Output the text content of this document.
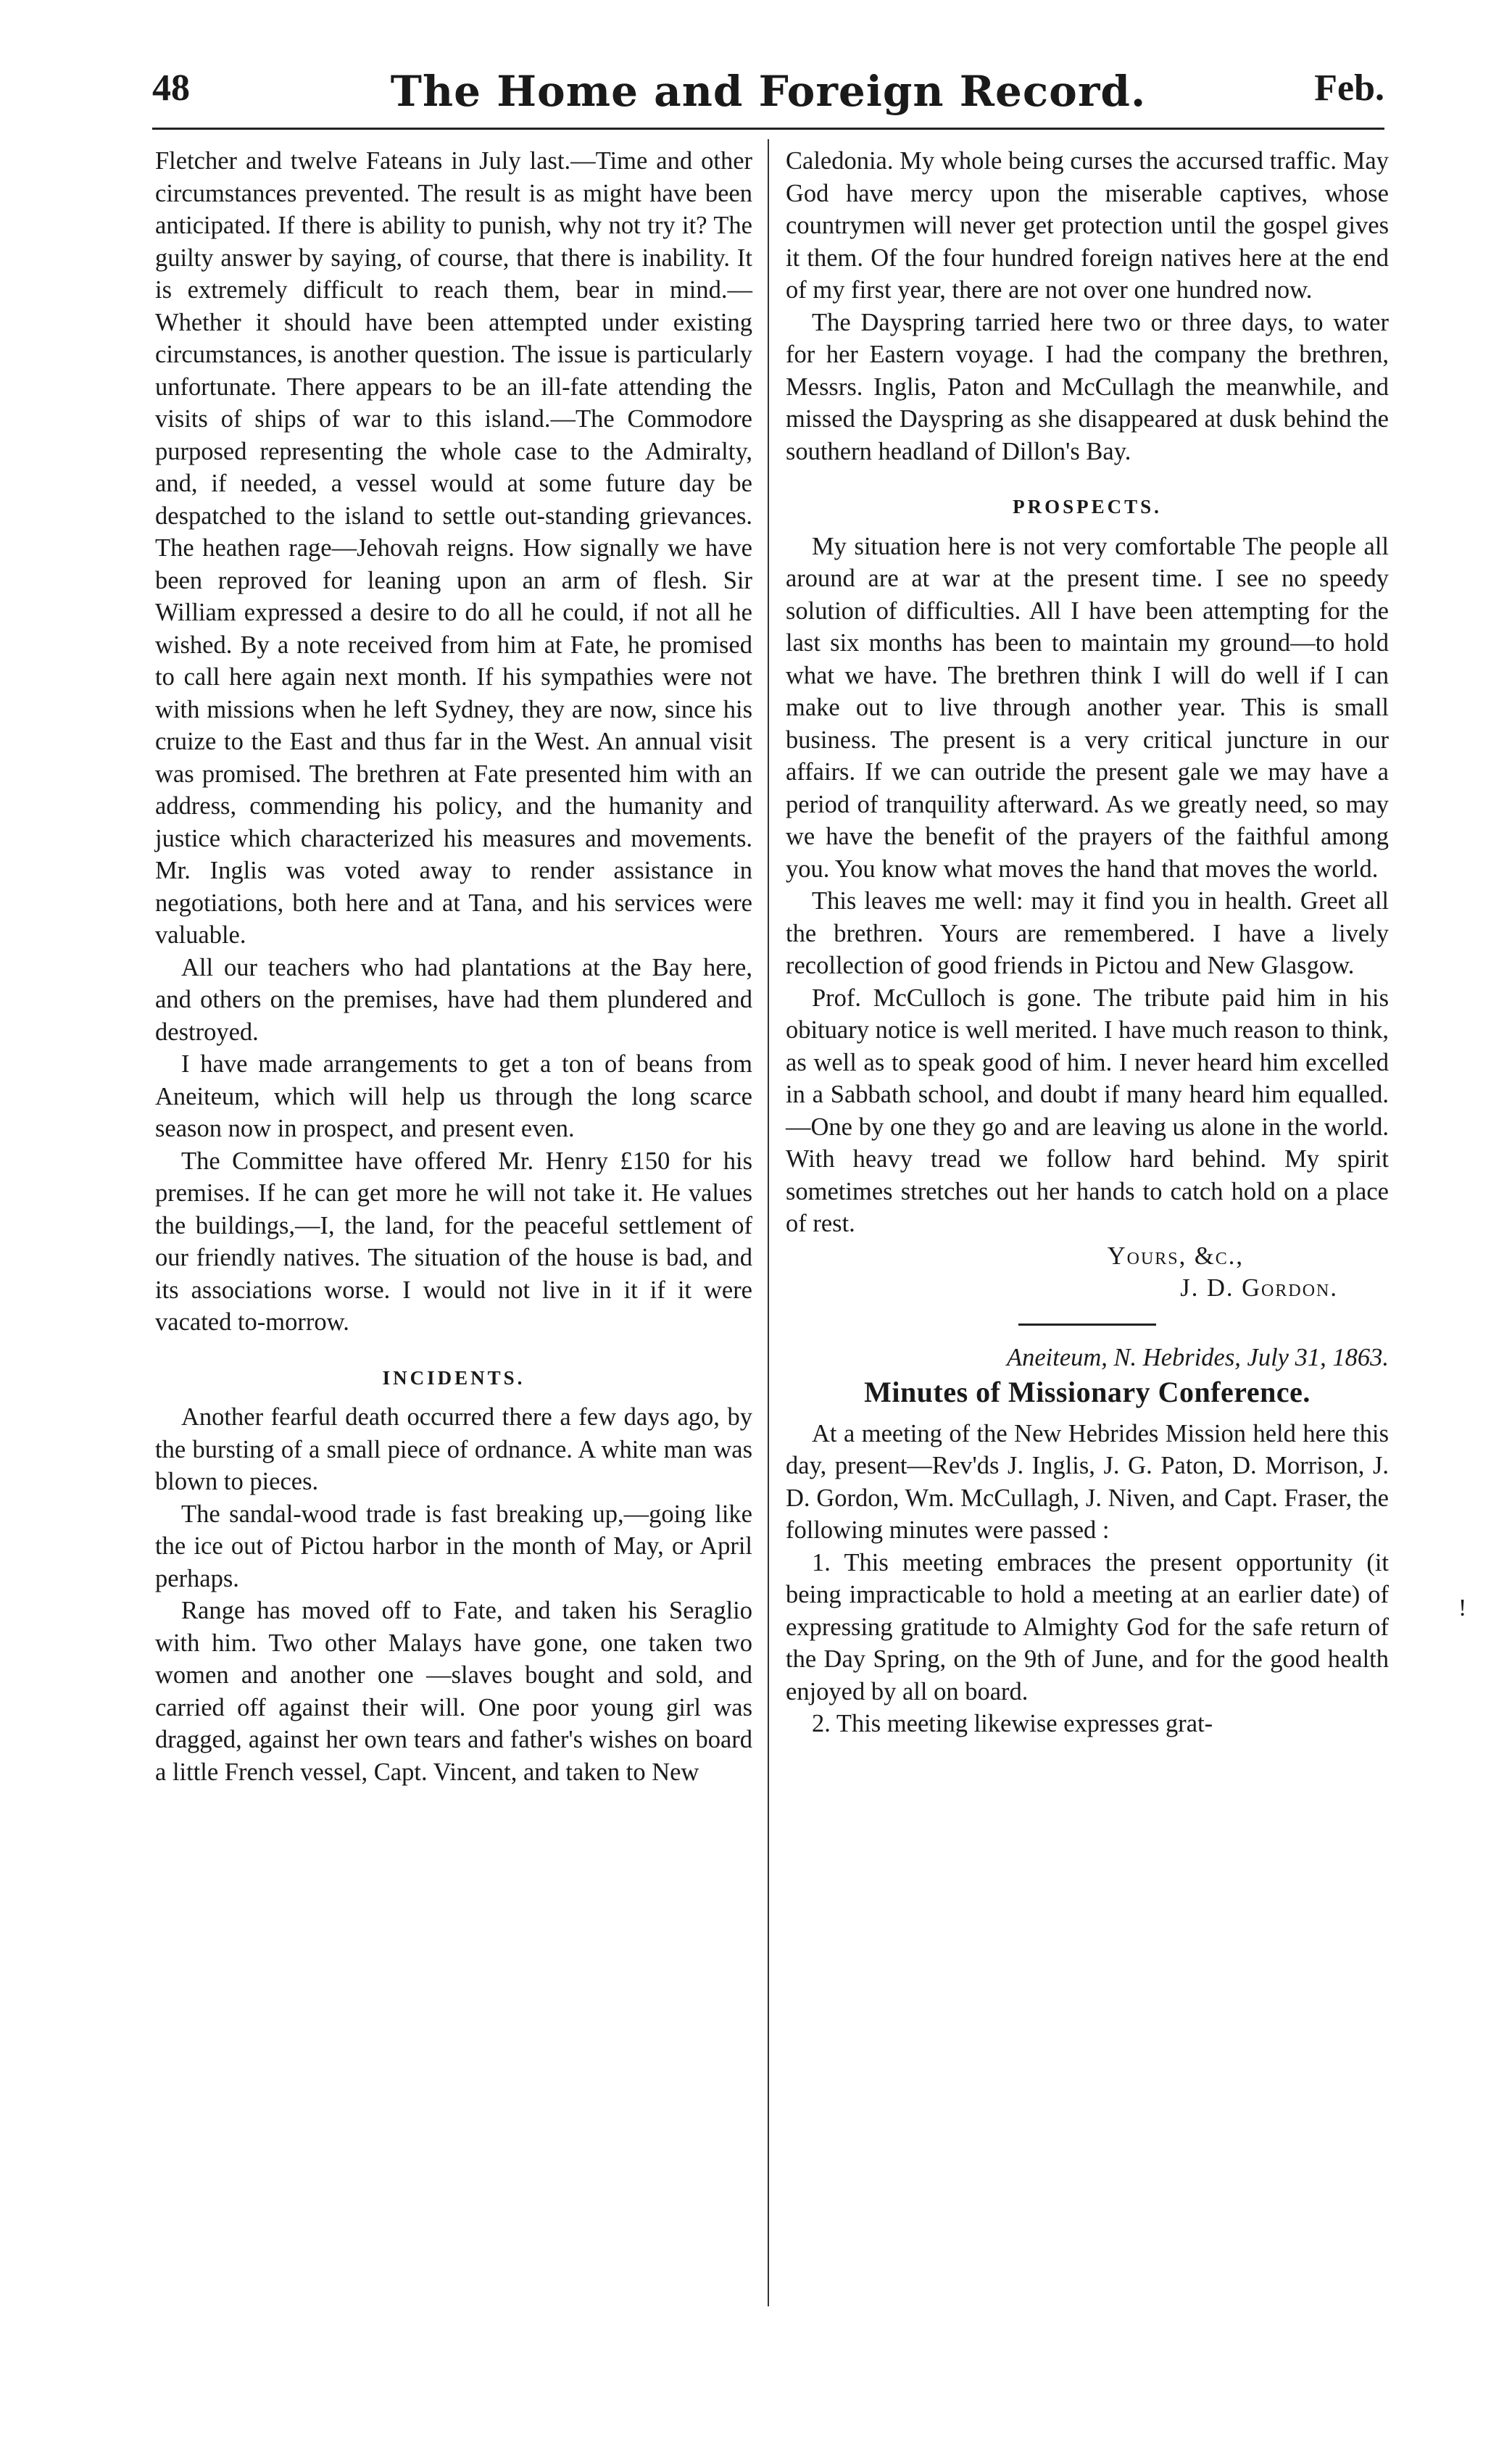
48	The Home and Foreign Record.	Feb.

Fletcher and twelve Fateans in July last.—Time and other circumstances prevented. The result is as might have been anticipated. If there is ability to punish, why not try it? The guilty answer by saying, of course, that there is inability. It is extremely difficult to reach them, bear in mind.—Whether it should have been attempted under existing circumstances, is another question. The issue is particularly unfortunate. There appears to be an ill-fate attending the visits of ships of war to this island.—The Commodore purposed representing the whole case to the Admiralty, and, if needed, a vessel would at some future day be despatched to the island to settle out-standing grievances. The heathen rage—Jehovah reigns. How signally we have been reproved for leaning upon an arm of flesh. Sir William expressed a desire to do all he could, if not all he wished. By a note received from him at Fate, he promised to call here again next month. If his sympathies were not with missions when he left Sydney, they are now, since his cruize to the East and thus far in the West. An annual visit was promised. The brethren at Fate presented him with an address, commending his policy, and the humanity and justice which characterized his measures and movements. Mr. Inglis was voted away to render assistance in negotiations, both here and at Tana, and his services were valuable.

All our teachers who had plantations at the Bay here, and others on the premises, have had them plundered and destroyed.

I have made arrangements to get a ton of beans from Aneiteum, which will help us through the long scarce season now in prospect, and present even.

The Committee have offered Mr. Henry £150 for his premises. If he can get more he will not take it. He values the buildings,—I, the land, for the peaceful settlement of our friendly natives. The situation of the house is bad, and its associations worse. I would not live in it if it were vacated to-morrow.

INCIDENTS.

Another fearful death occurred there a few days ago, by the bursting of a small piece of ordnance. A white man was blown to pieces.

The sandal-wood trade is fast breaking up,—going like the ice out of Pictou harbor in the month of May, or April perhaps.

Range has moved off to Fate, and taken his Seraglio with him. Two other Malays have gone, one taken two women and another one —slaves bought and sold, and carried off against their will. One poor young girl was dragged, against her own tears and father's wishes on board a little French vessel, Capt. Vincent, and taken to New

Caledonia. My whole being curses the accursed traffic. May God have mercy upon the miserable captives, whose countrymen will never get protection until the gospel gives it them. Of the four hundred foreign natives here at the end of my first year, there are not over one hundred now.

The Dayspring tarried here two or three days, to water for her Eastern voyage. I had the company the brethren, Messrs. Inglis, Paton and McCullagh the meanwhile, and missed the Dayspring as she disappeared at dusk behind the southern headland of Dillon's Bay.

PROSPECTS.

My situation here is not very comfortable The people all around are at war at the present time. I see no speedy solution of difficulties. All I have been attempting for the last six months has been to maintain my ground—to hold what we have. The brethren think I will do well if I can make out to live through another year. This is small business. The present is a very critical juncture in our affairs. If we can outride the present gale we may have a period of tranquility afterward. As we greatly need, so may we have the benefit of the prayers of the faithful among you. You know what moves the hand that moves the world.

This leaves me well: may it find you in health. Greet all the brethren. Yours are remembered. I have a lively recollection of good friends in Pictou and New Glasgow.

Prof. McCulloch is gone. The tribute paid him in his obituary notice is well merited. I have much reason to think, as well as to speak good of him. I never heard him excelled in a Sabbath school, and doubt if many heard him equalled.—One by one they go and are leaving us alone in the world. With heavy tread we follow hard behind. My spirit sometimes stretches out her hands to catch hold on a place of rest.

Yours, &c.,

J. D. Gordon.

Aneiteum, N. Hebrides, July 31, 1863.

Minutes of Missionary Conference.

At a meeting of the New Hebrides Mission held here this day, present—Rev'ds J. Inglis, J. G. Paton, D. Morrison, J. D. Gordon, Wm. McCullagh, J. Niven, and Capt. Fraser, the following minutes were passed :

1. This meeting embraces the present opportunity (it being impracticable to hold a meeting at an earlier date) of expressing gratitude to Almighty God for the safe return of the Day Spring, on the 9th of June, and for the good health enjoyed by all on board.

2. This meeting likewise expresses grat-

!
